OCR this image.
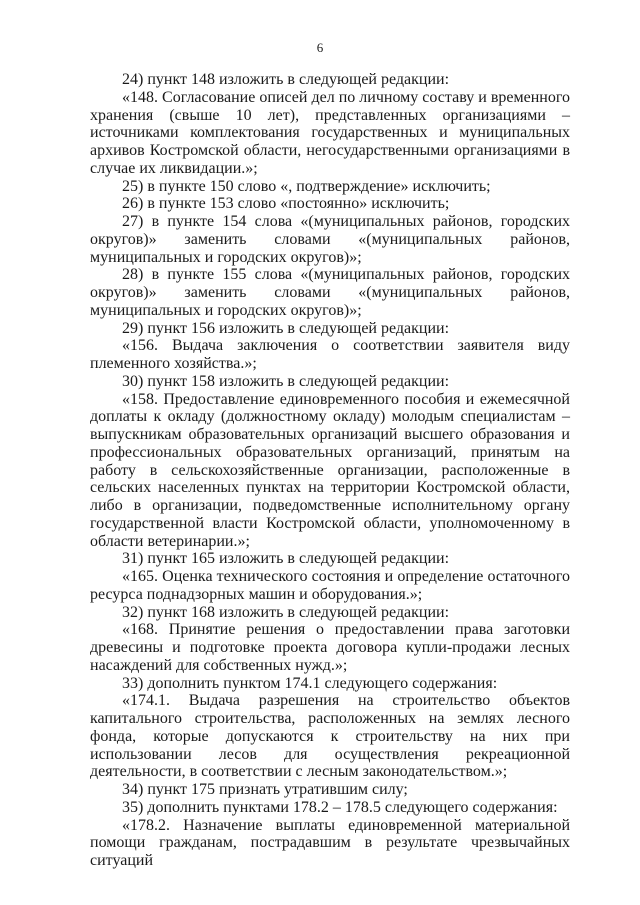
6

24) пункт 148 изложить в следующей редакции:

«148. Согласование описей дел по личному составу и временного хранения (свыше 10 лет), представленных организациями – источниками комплектования государственных и муниципальных архивов Костромской области, негосударственными организациями в случае их ликвидации.»;

25) в пункте 150 слово «, подтверждение» исключить;

26) в пункте 153 слово «постоянно» исключить;

27) в пункте 154 слова «(муниципальных районов, городских округов)» заменить словами «(муниципальных районов, муниципальных и городских округов)»;

28) в пункте 155 слова «(муниципальных районов, городских округов)» заменить словами «(муниципальных районов, муниципальных и городских округов)»;

29) пункт 156 изложить в следующей редакции:

«156. Выдача заключения о соответствии заявителя виду племенного хозяйства.»;

30) пункт 158 изложить в следующей редакции:

«158. Предоставление единовременного пособия и ежемесячной доплаты к окладу (должностному окладу) молодым специалистам – выпускникам образовательных организаций высшего образования и профессиональных образовательных организаций, принятым на работу в сельскохозяйственные организации, расположенные в сельских населенных пунктах на территории Костромской области, либо в организации, подведомственные исполнительному органу государственной власти Костромской области, уполномоченному в области ветеринарии.»;

31) пункт 165 изложить в следующей редакции:

«165. Оценка технического состояния и определение остаточного ресурса поднадзорных машин и оборудования.»;

32) пункт 168 изложить в следующей редакции:

«168. Принятие решения о предоставлении права заготовки древесины и подготовке проекта договора купли-продажи лесных насаждений для собственных нужд.»;

33) дополнить пунктом 174.1 следующего содержания:

«174.1. Выдача разрешения на строительство объектов капитального строительства, расположенных на землях лесного фонда, которые допускаются к строительству на них при использовании лесов для осуществления рекреационной деятельности, в соответствии с лесным законодательством.»;

34) пункт 175 признать утратившим силу;

35) дополнить пунктами 178.2 – 178.5 следующего содержания:

«178.2. Назначение выплаты единовременной материальной помощи гражданам, пострадавшим в результате чрезвычайных ситуаций
